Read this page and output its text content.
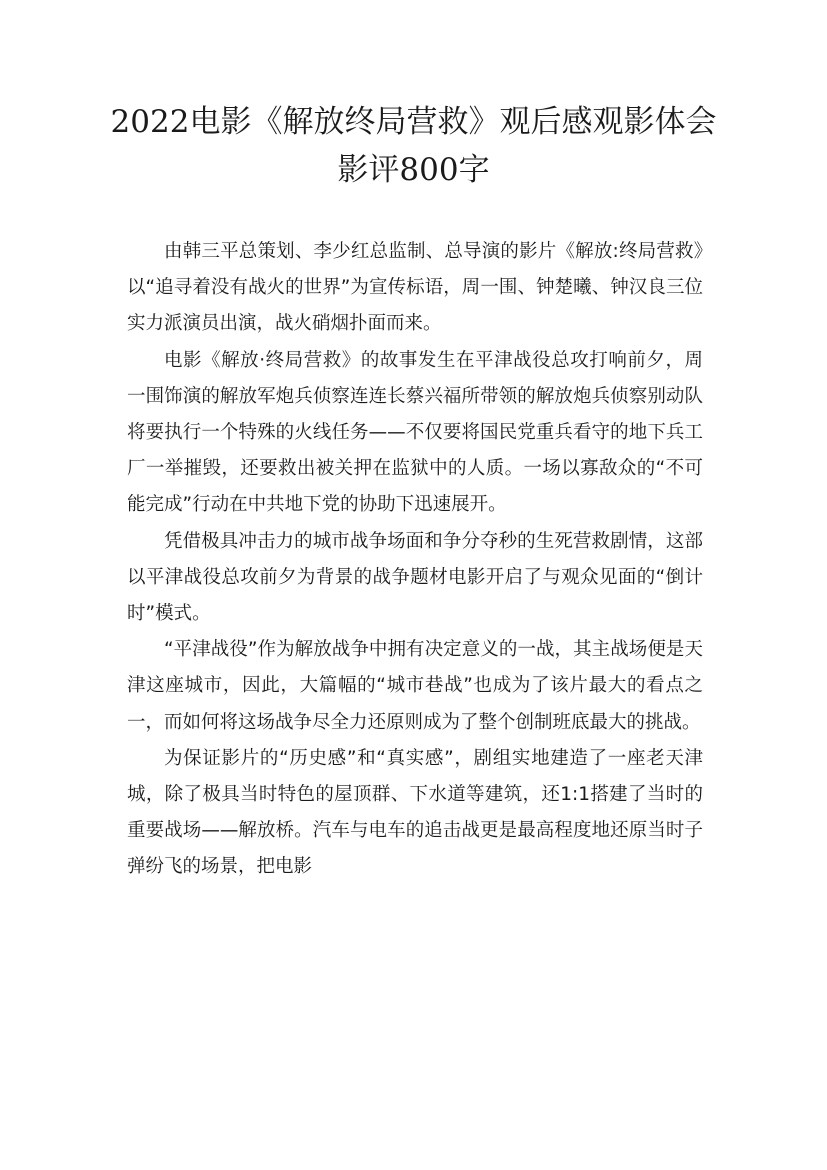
2022电影《解放终局营救》观后感观影体会
影评800字

由韩三平总策划、李少红总监制、总导演的影片《解放:终局营救》以“追寻着没有战火的世界”为宣传标语，周一围、钟楚曦、钟汉良三位实力派演员出演，战火硝烟扑面而来。

电影《解放·终局营救》的故事发生在平津战役总攻打响前夕，周一围饰演的解放军炮兵侦察连连长蔡兴福所带领的解放炮兵侦察别动队将要执行一个特殊的火线任务——不仅要将国民党重兵看守的地下兵工厂一举摧毁，还要救出被关押在监狱中的人质。一场以寡敌众的“不可能完成”行动在中共地下党的协助下迅速展开。

凭借极具冲击力的城市战争场面和争分夺秒的生死营救剧情，这部以平津战役总攻前夕为背景的战争题材电影开启了与观众见面的“倒计时”模式。

“平津战役”作为解放战争中拥有决定意义的一战，其主战场便是天津这座城市，因此，大篇幅的“城市巷战”也成为了该片最大的看点之一，而如何将这场战争尽全力还原则成为了整个创制班底最大的挑战。

为保证影片的“历史感”和“真实感”，剧组实地建造了一座老天津城，除了极具当时特色的屋顶群、下水道等建筑，还1:1搭建了当时的重要战场——解放桥。汽车与电车的追击战更是最高程度地还原当时子弹纷飞的场景，把电影
